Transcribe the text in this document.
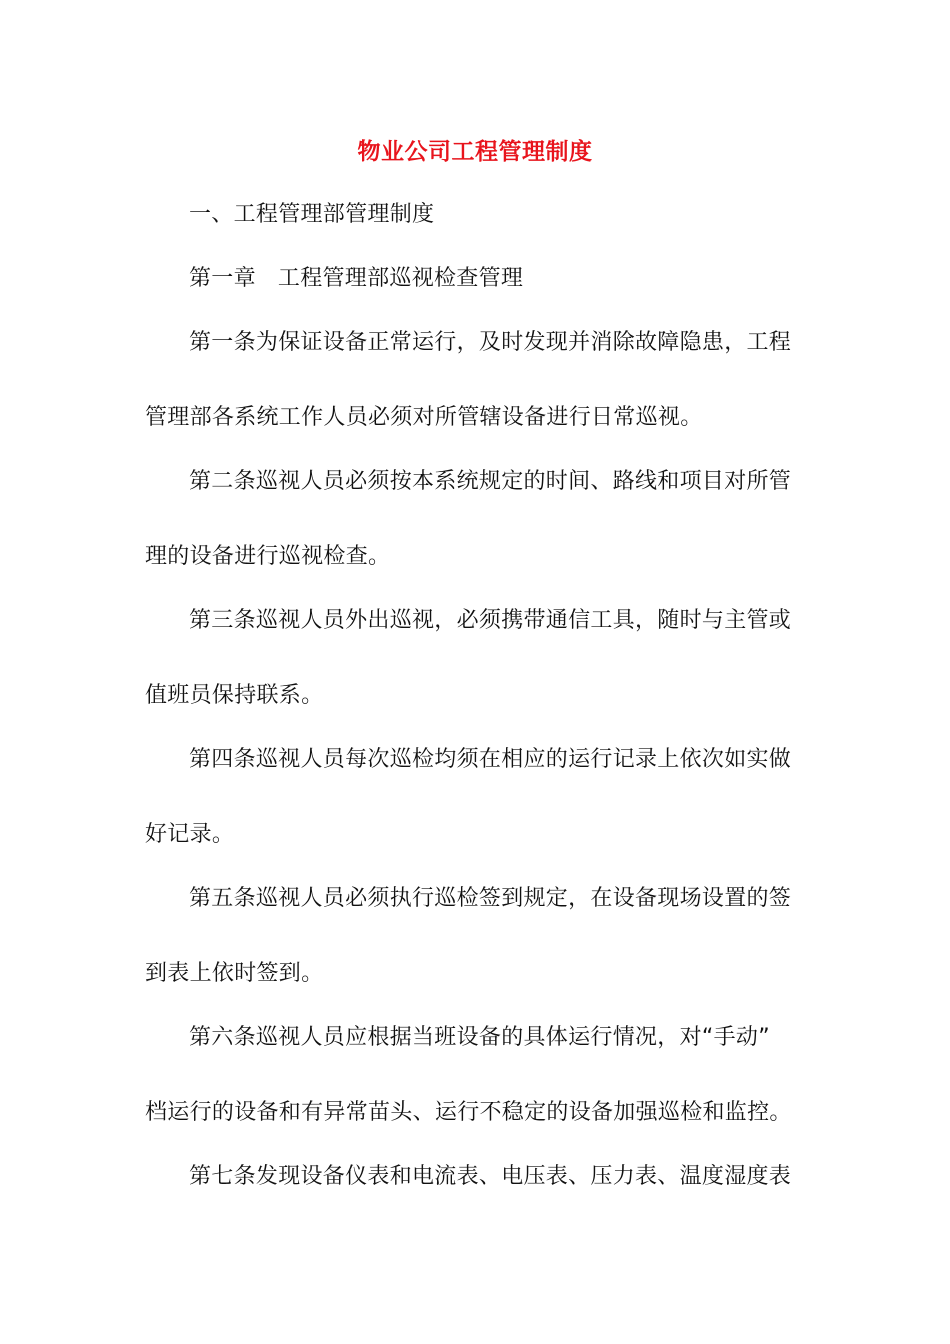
物业公司工程管理制度
一、工程管理部管理制度
第一章 工程管理部巡视检查管理
第一条为保证设备正常运行，及时发现并消除故障隐患，工程
管理部各系统工作人员必须对所管辖设备进行日常巡视。
第二条巡视人员必须按本系统规定的时间、路线和项目对所管
理的设备进行巡视检查。
第三条巡视人员外出巡视，必须携带通信工具，随时与主管或
值班员保持联系。
第四条巡视人员每次巡检均须在相应的运行记录上依次如实做
好记录。
第五条巡视人员必须执行巡检签到规定，在设备现场设置的签
到表上依时签到。
第六条巡视人员应根据当班设备的具体运行情况，对“手动”
档运行的设备和有异常苗头、运行不稳定的设备加强巡检和监控。
第七条发现设备仪表和电流表、电压表、压力表、温度湿度表
